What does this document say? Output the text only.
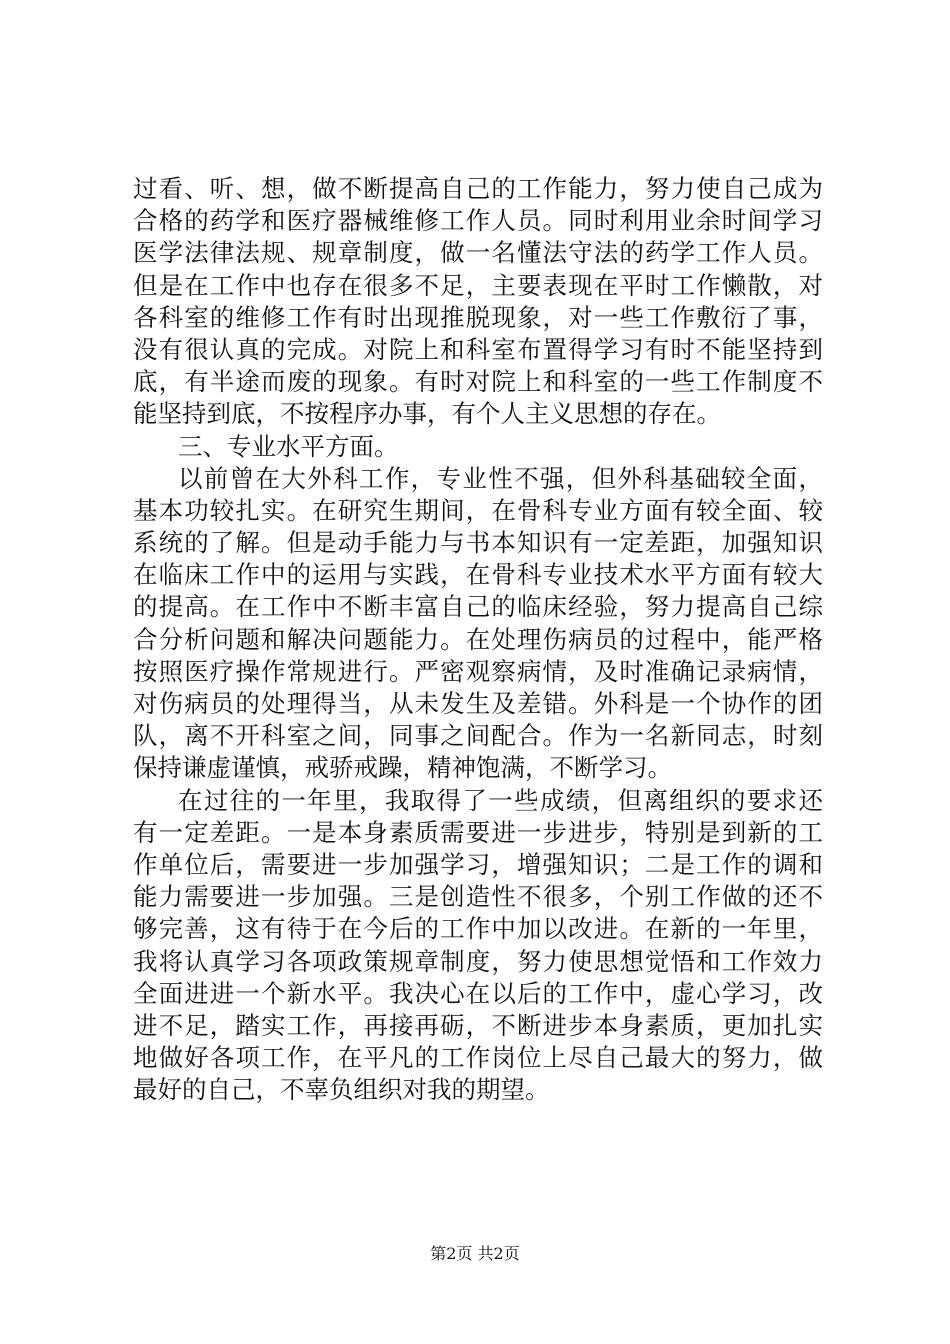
过看、听、想，做不断提高自己的工作能力，努力使自己成为
合格的药学和医疗器械维修工作人员。同时利用业余时间学习
医学法律法规、规章制度，做一名懂法守法的药学工作人员。
但是在工作中也存在很多不足，主要表现在平时工作懒散，对
各科室的维修工作有时出现推脱现象，对一些工作敷衍了事，
没有很认真的完成。对院上和科室布置得学习有时不能坚持到
底，有半途而废的现象。有时对院上和科室的一些工作制度不
能坚持到底，不按程序办事，有个人主义思想的存在。
三、专业水平方面。
以前曾在大外科工作，专业性不强，但外科基础较全面，
基本功较扎实。在研究生期间，在骨科专业方面有较全面、较
系统的了解。但是动手能力与书本知识有一定差距，加强知识
在临床工作中的运用与实践，在骨科专业技术水平方面有较大
的提高。在工作中不断丰富自己的临床经验，努力提高自己综
合分析问题和解决问题能力。在处理伤病员的过程中，能严格
按照医疗操作常规进行。严密观察病情，及时准确记录病情，
对伤病员的处理得当，从未发生及差错。外科是一个协作的团
队，离不开科室之间，同事之间配合。作为一名新同志，时刻
保持谦虚谨慎，戒骄戒躁，精神饱满，不断学习。
在过往的一年里，我取得了一些成绩，但离组织的要求还
有一定差距。一是本身素质需要进一步进步，特别是到新的工
作单位后，需要进一步加强学习，增强知识；二是工作的调和
能力需要进一步加强。三是创造性不很多，个别工作做的还不
够完善，这有待于在今后的工作中加以改进。在新的一年里，
我将认真学习各项政策规章制度，努力使思想觉悟和工作效力
全面进进一个新水平。我决心在以后的工作中，虚心学习，改
进不足，踏实工作，再接再砺，不断进步本身素质，更加扎实
地做好各项工作，在平凡的工作岗位上尽自己最大的努力，做
最好的自己，不辜负组织对我的期望。
第2页 共2页
